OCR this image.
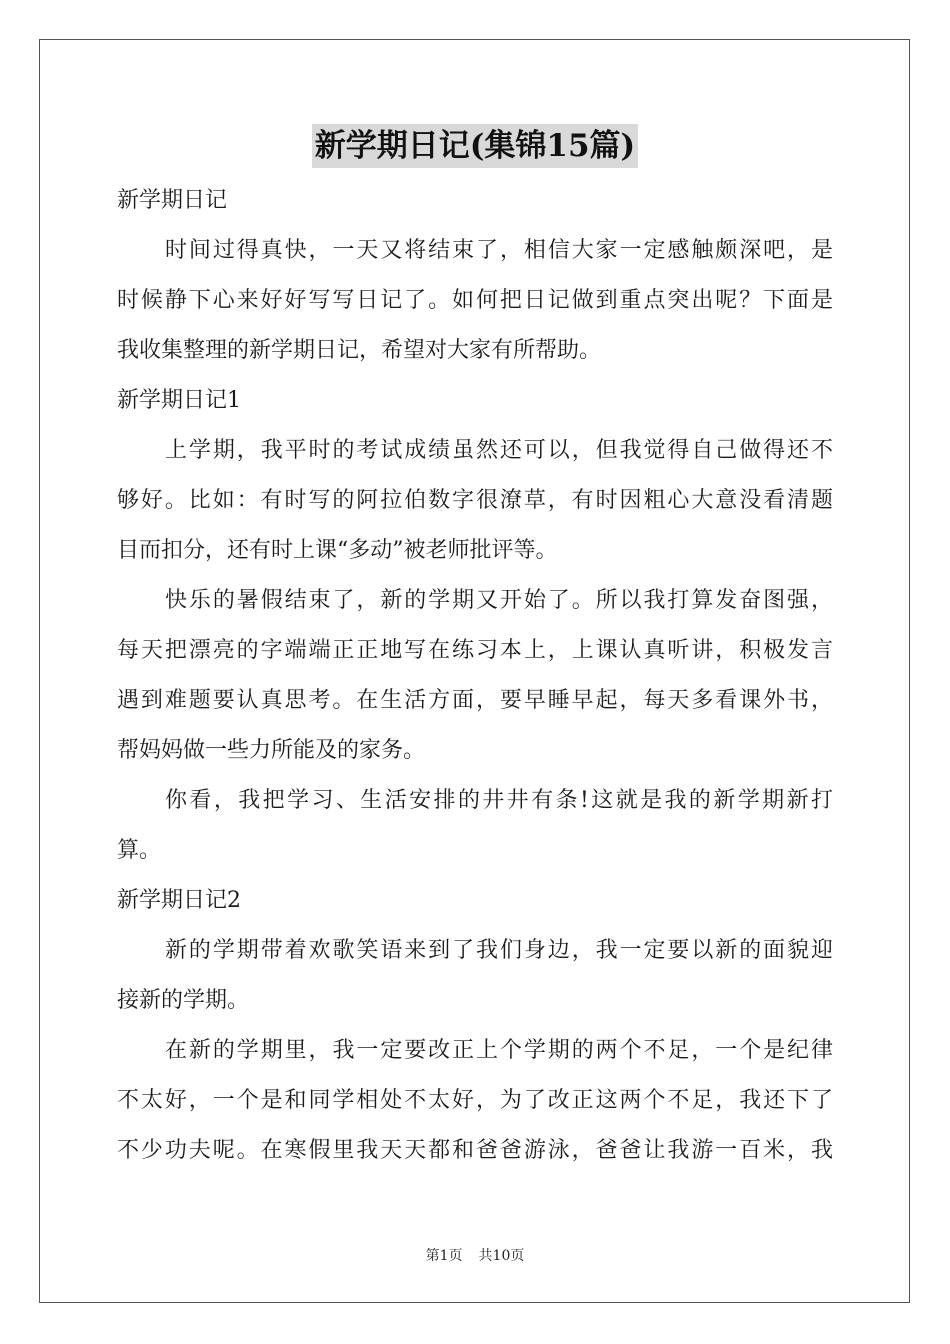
新学期日记(集锦15篇)
新学期日记
时间过得真快，一天又将结束了，相信大家一定感触颇深吧，是
时候静下心来好好写写日记了。如何把日记做到重点突出呢？下面是
我收集整理的新学期日记，希望对大家有所帮助。
新学期日记1
上学期，我平时的考试成绩虽然还可以，但我觉得自己做得还不
够好。比如：有时写的阿拉伯数字很潦草，有时因粗心大意没看清题
目而扣分，还有时上课“多动”被老师批评等。
快乐的暑假结束了，新的学期又开始了。所以我打算发奋图强，
每天把漂亮的字端端正正地写在练习本上，上课认真听讲，积极发言
遇到难题要认真思考。在生活方面，要早睡早起，每天多看课外书，
帮妈妈做一些力所能及的家务。
你看，我把学习、生活安排的井井有条!这就是我的新学期新打
算。
新学期日记2
新的学期带着欢歌笑语来到了我们身边，我一定要以新的面貌迎
接新的学期。
在新的学期里，我一定要改正上个学期的两个不足，一个是纪律
不太好，一个是和同学相处不太好，为了改正这两个不足，我还下了
不少功夫呢。在寒假里我天天都和爸爸游泳，爸爸让我游一百米，我
第1页 共10页
